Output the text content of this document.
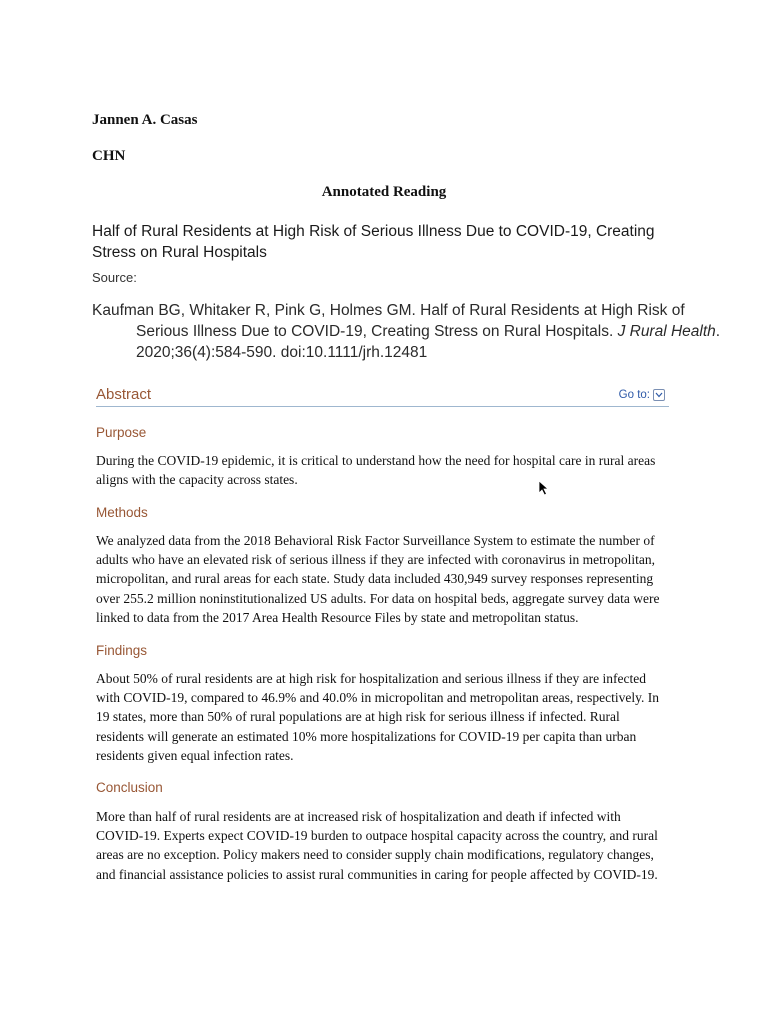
Jannen A. Casas
CHN
Annotated Reading
Half of Rural Residents at High Risk of Serious Illness Due to COVID-19, Creating Stress on Rural Hospitals
Source:
Kaufman BG, Whitaker R, Pink G, Holmes GM. Half of Rural Residents at High Risk of Serious Illness Due to COVID-19, Creating Stress on Rural Hospitals. J Rural Health. 2020;36(4):584-590. doi:10.1111/jrh.12481
Abstract	Go to:
Purpose
During the COVID-19 epidemic, it is critical to understand how the need for hospital care in rural areas aligns with the capacity across states.
Methods
We analyzed data from the 2018 Behavioral Risk Factor Surveillance System to estimate the number of adults who have an elevated risk of serious illness if they are infected with coronavirus in metropolitan, micropolitan, and rural areas for each state. Study data included 430,949 survey responses representing over 255.2 million noninstitutionalized US adults. For data on hospital beds, aggregate survey data were linked to data from the 2017 Area Health Resource Files by state and metropolitan status.
Findings
About 50% of rural residents are at high risk for hospitalization and serious illness if they are infected with COVID-19, compared to 46.9% and 40.0% in micropolitan and metropolitan areas, respectively. In 19 states, more than 50% of rural populations are at high risk for serious illness if infected. Rural residents will generate an estimated 10% more hospitalizations for COVID-19 per capita than urban residents given equal infection rates.
Conclusion
More than half of rural residents are at increased risk of hospitalization and death if infected with COVID-19. Experts expect COVID-19 burden to outpace hospital capacity across the country, and rural areas are no exception. Policy makers need to consider supply chain modifications, regulatory changes, and financial assistance policies to assist rural communities in caring for people affected by COVID-19.
